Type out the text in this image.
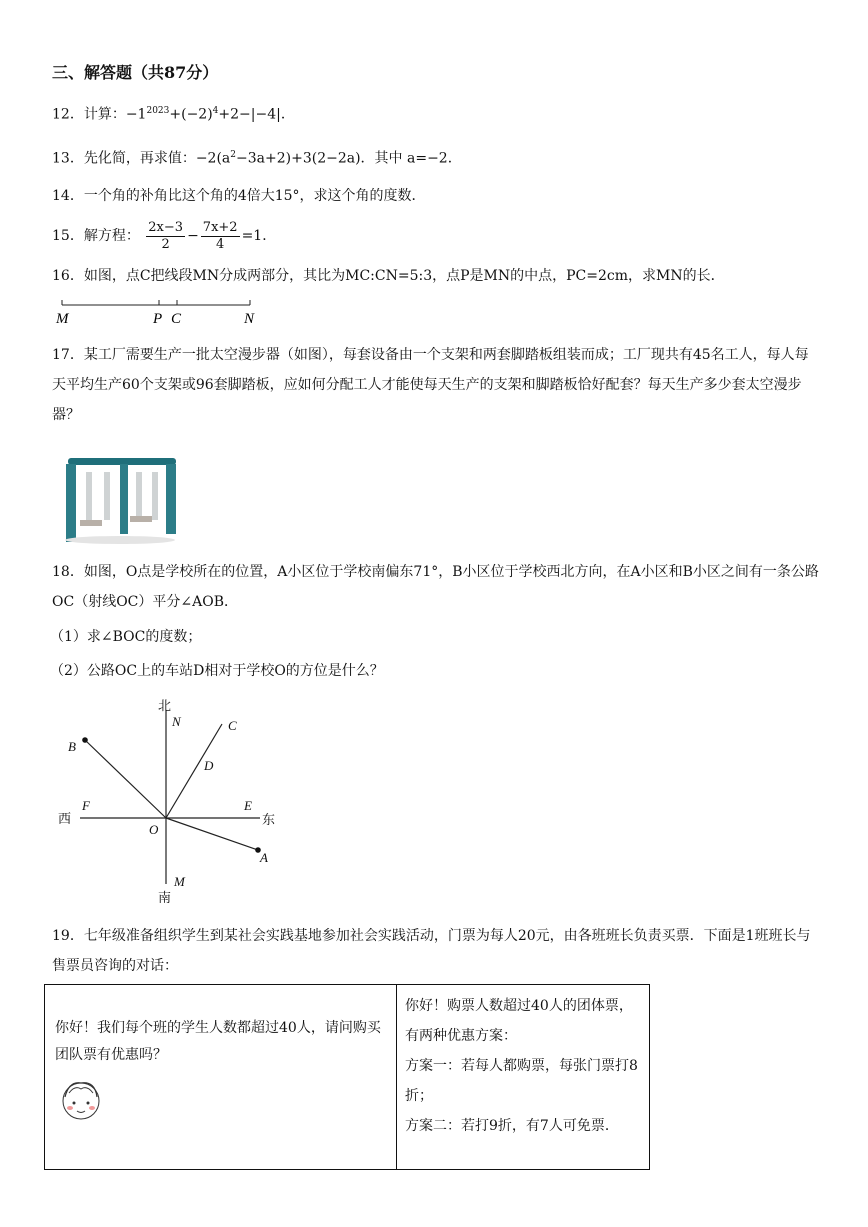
三、解答题（共87分）
12．计算：$-1^{2023}+(-2)^4+2-|-4|$．
13．先化简，再求值：$-2(a^2-3a+2)+3(2-2a)$．其中 a=−2．
14．一个角的补角比这个角的4倍大15°，求这个角的度数．
15．解方程： $\frac{2x-3}{2} - \frac{7x+2}{4} =1$．
16．如图，点C把线段MN分成两部分，其比为MC:CN=5:3，点P是MN的中点，PC=2cm，求MN的长．
M	P C	N
17．某工厂需要生产一批太空漫步器（如图），每套设备由一个支架和两套脚踏板组装而成；工厂现共有45名工人，每人每天平均生产60个支架或96套脚踏板，应如何分配工人才能使每天生产的支架和脚踏板恰好配套？每天生产多少套太空漫步器？
18．如图，O点是学校所在的位置，A小区位于学校南偏东71°，B小区位于学校西北方向，在A小区和B小区之间有一条公路OC（射线OC）平分∠AOB．
（1）求∠BOC的度数；
（2）公路OC上的车站D相对于学校O的方位是什么？
北
N	C
B
D
F	E
西	东
O
A
M
南
19．七年级准备组织学生到某社会实践基地参加社会实践活动，门票为每人20元，由各班班长负责买票．下面是1班班长与售票员咨询的对话：
你好！我们每个班的学生人数都超过40人，请问购买团队票有优惠吗？

你好！购票人数超过40人的团体票，有两种优惠方案：
方案一：若每人都购票，每张门票打8折；
方案二：若打9折，有7人可免票．
